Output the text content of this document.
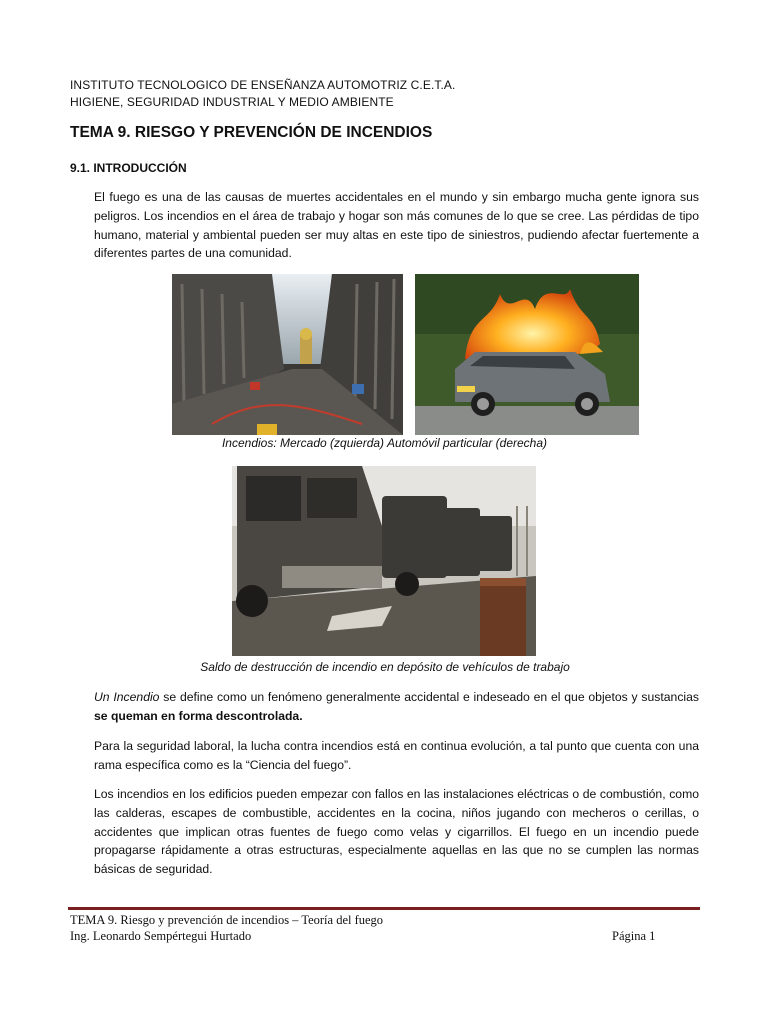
INSTITUTO TECNOLOGICO DE ENSEÑANZA AUTOMOTRIZ C.E.T.A.
HIGIENE, SEGURIDAD INDUSTRIAL Y MEDIO AMBIENTE
TEMA 9. RIESGO Y PREVENCIÓN DE INCENDIOS
9.1. INTRODUCCIÓN

El fuego es una de las causas de muertes accidentales en el mundo y sin embargo mucha gente ignora sus peligros. Los incendios en el área de trabajo y hogar son más comunes de lo que se cree. Las pérdidas de tipo humano, material y ambiental pueden ser muy altas en este tipo de siniestros, pudiendo afectar fuertemente a diferentes partes de una comunidad.

Incendios: Mercado (zquierda) Automóvil particular (derecha)
Saldo de destrucción de incendio en depósito de vehículos de trabajo

Un Incendio se define como un fenómeno generalmente accidental e indeseado en el que objetos y sustancias se queman en forma descontrolada.

Para la seguridad laboral, la lucha contra incendios está en continua evolución, a tal punto que cuenta con una rama específica como es la “Ciencia del fuego”.

Los incendios en los edificios pueden empezar con fallos en las instalaciones eléctricas o de combustión, como las calderas, escapes de combustible, accidentes en la cocina, niños jugando con mecheros o cerillas, o accidentes que implican otras fuentes de fuego como velas y cigarrillos. El fuego en un incendio puede propagarse rápidamente a otras estructuras, especialmente aquellas en las que no se cumplen las normas básicas de seguridad.

TEMA 9. Riesgo y prevención de incendios – Teoría del fuego
Ing. Leonardo Sempértegui Hurtado	Página 1
